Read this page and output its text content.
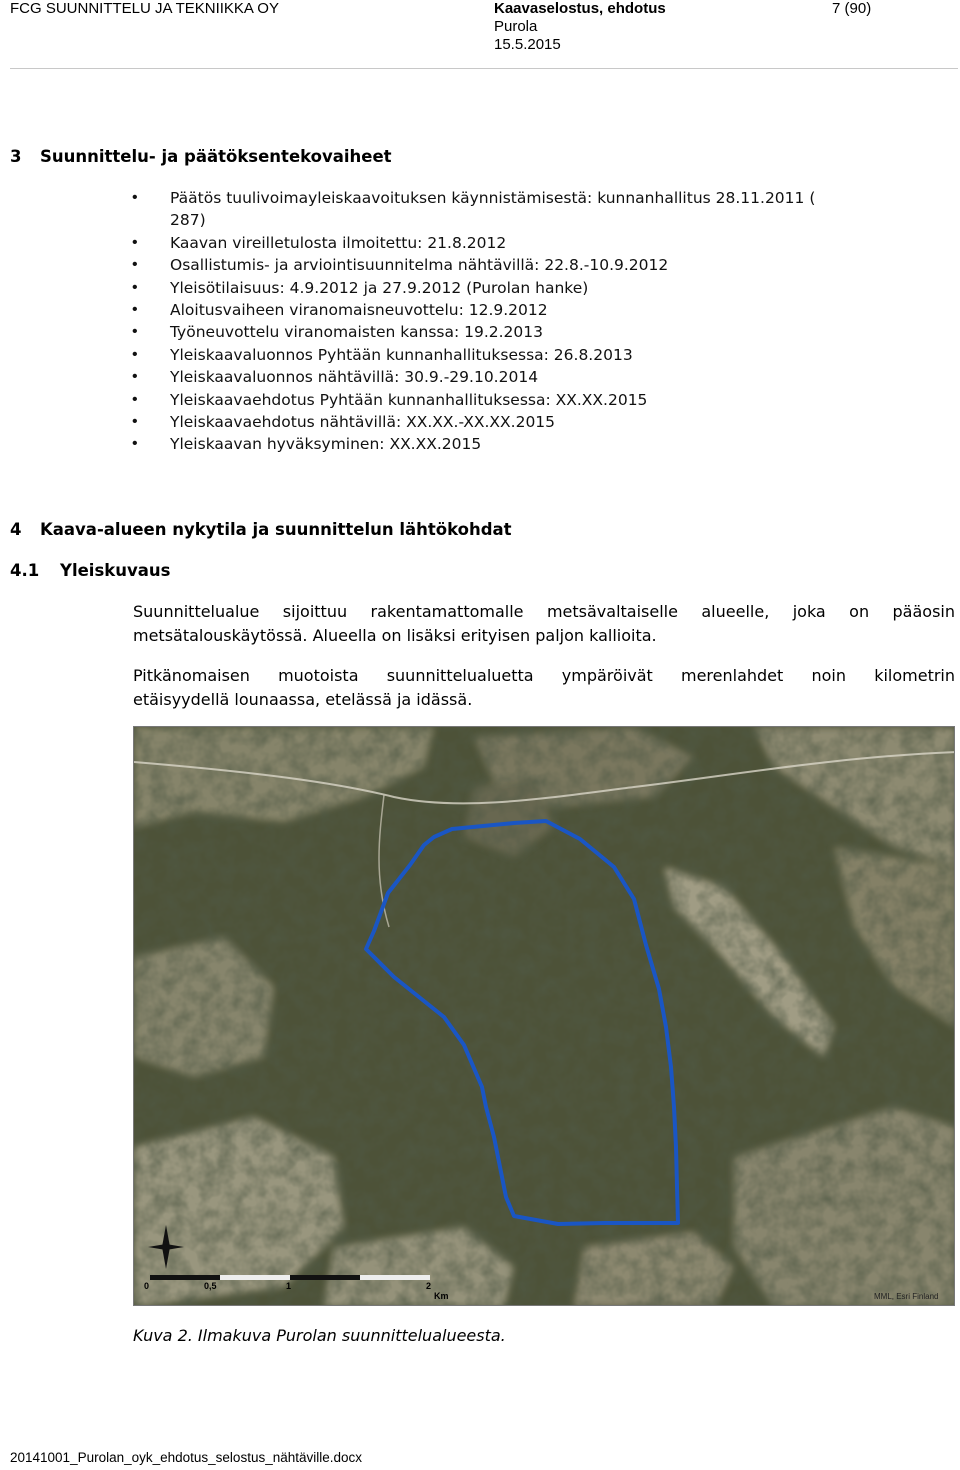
FCG SUUNNITTELU JA TEKNIIKKA OY	Kaavaselostus, ehdotus
Purola
15.5.2015
7 (90)
3 Suunnittelu- ja päätöksentekovaiheet
• Päätös tuulivoimayleiskaavoituksen käynnistämisestä: kunnanhallitus 28.11.2011 ( 287)
• Kaavan vireilletulosta ilmoitettu: 21.8.2012
• Osallistumis- ja arviointisuunnitelma nähtävillä: 22.8.-10.9.2012
• Yleisötilaisuus: 4.9.2012 ja 27.9.2012 (Purolan hanke)
• Aloitusvaiheen viranomaisneuvottelu: 12.9.2012
• Työneuvottelu viranomaisten kanssa: 19.2.2013
• Yleiskaavaluonnos Pyhtään kunnanhallituksessa: 26.8.2013
• Yleiskaavaluonnos nähtävillä: 30.9.-29.10.2014
• Yleiskaavaehdotus Pyhtään kunnanhallituksessa: XX.XX.2015
• Yleiskaavaehdotus nähtävillä: XX.XX.-XX.XX.2015
• Yleiskaavan hyväksyminen: XX.XX.2015
4 Kaava-alueen nykytila ja suunnittelun lähtökohdat
4.1 Yleiskuvaus
Suunnittelualue sijoittuu rakentamattomalle metsävaltaiselle alueelle, joka on pääosin
metsätalouskäytössä. Alueella on lisäksi erityisen paljon kallioita.
Pitkänomaisen muotoista suunnittelualuetta ympäröivät merenlahdet noin kilometrin
etäisyydellä lounaassa, etelässä ja idässä.
0	0,5	1	2
Km	MML, Esri Finland
Kuva 2. Ilmakuva Purolan suunnittelualueesta.
20141001_Purolan_oyk_ehdotus_selostus_nähtäville.docx
